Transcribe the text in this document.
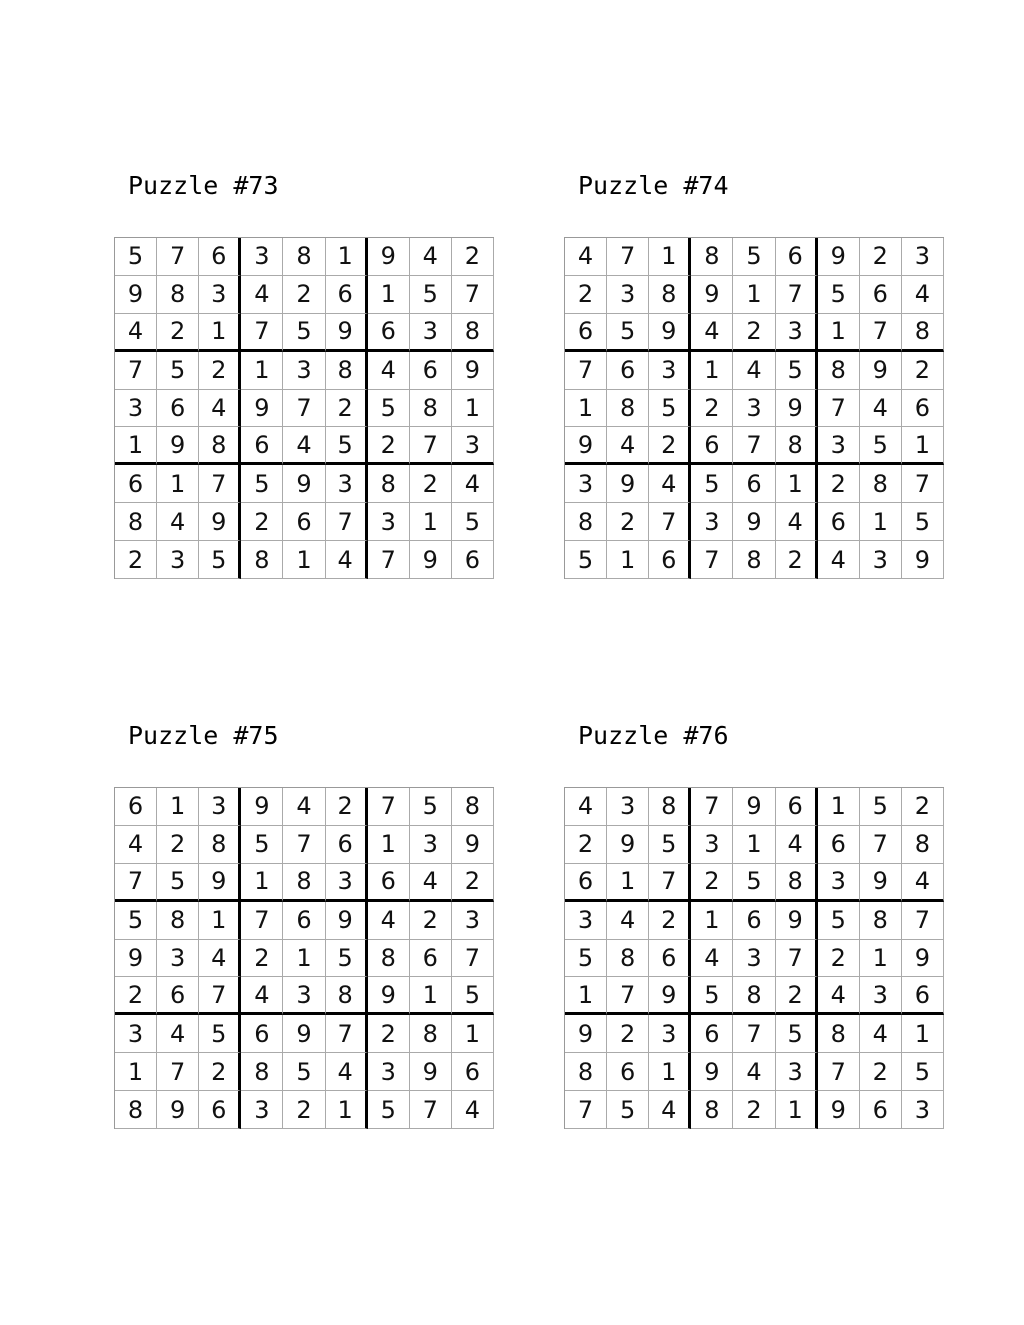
Puzzle #73
5	7	6	3	8	1	9	4	2
9	8	3	4	2	6	1	5	7
4	2	1	7	5	9	6	3	8
7	5	2	1	3	8	4	6	9
3	6	4	9	7	2	5	8	1
1	9	8	6	4	5	2	7	3
6	1	7	5	9	3	8	2	4
8	4	9	2	6	7	3	1	5
2	3	5	8	1	4	7	9	6
Puzzle #74
4	7	1	8	5	6	9	2	3
2	3	8	9	1	7	5	6	4
6	5	9	4	2	3	1	7	8
7	6	3	1	4	5	8	9	2
1	8	5	2	3	9	7	4	6
9	4	2	6	7	8	3	5	1
3	9	4	5	6	1	2	8	7
8	2	7	3	9	4	6	1	5
5	1	6	7	8	2	4	3	9
Puzzle #75
6	1	3	9	4	2	7	5	8
4	2	8	5	7	6	1	3	9
7	5	9	1	8	3	6	4	2
5	8	1	7	6	9	4	2	3
9	3	4	2	1	5	8	6	7
2	6	7	4	3	8	9	1	5
3	4	5	6	9	7	2	8	1
1	7	2	8	5	4	3	9	6
8	9	6	3	2	1	5	7	4
Puzzle #76
4	3	8	7	9	6	1	5	2
2	9	5	3	1	4	6	7	8
6	1	7	2	5	8	3	9	4
3	4	2	1	6	9	5	8	7
5	8	6	4	3	7	2	1	9
1	7	9	5	8	2	4	3	6
9	2	3	6	7	5	8	4	1
8	6	1	9	4	3	7	2	5
7	5	4	8	2	1	9	6	3
